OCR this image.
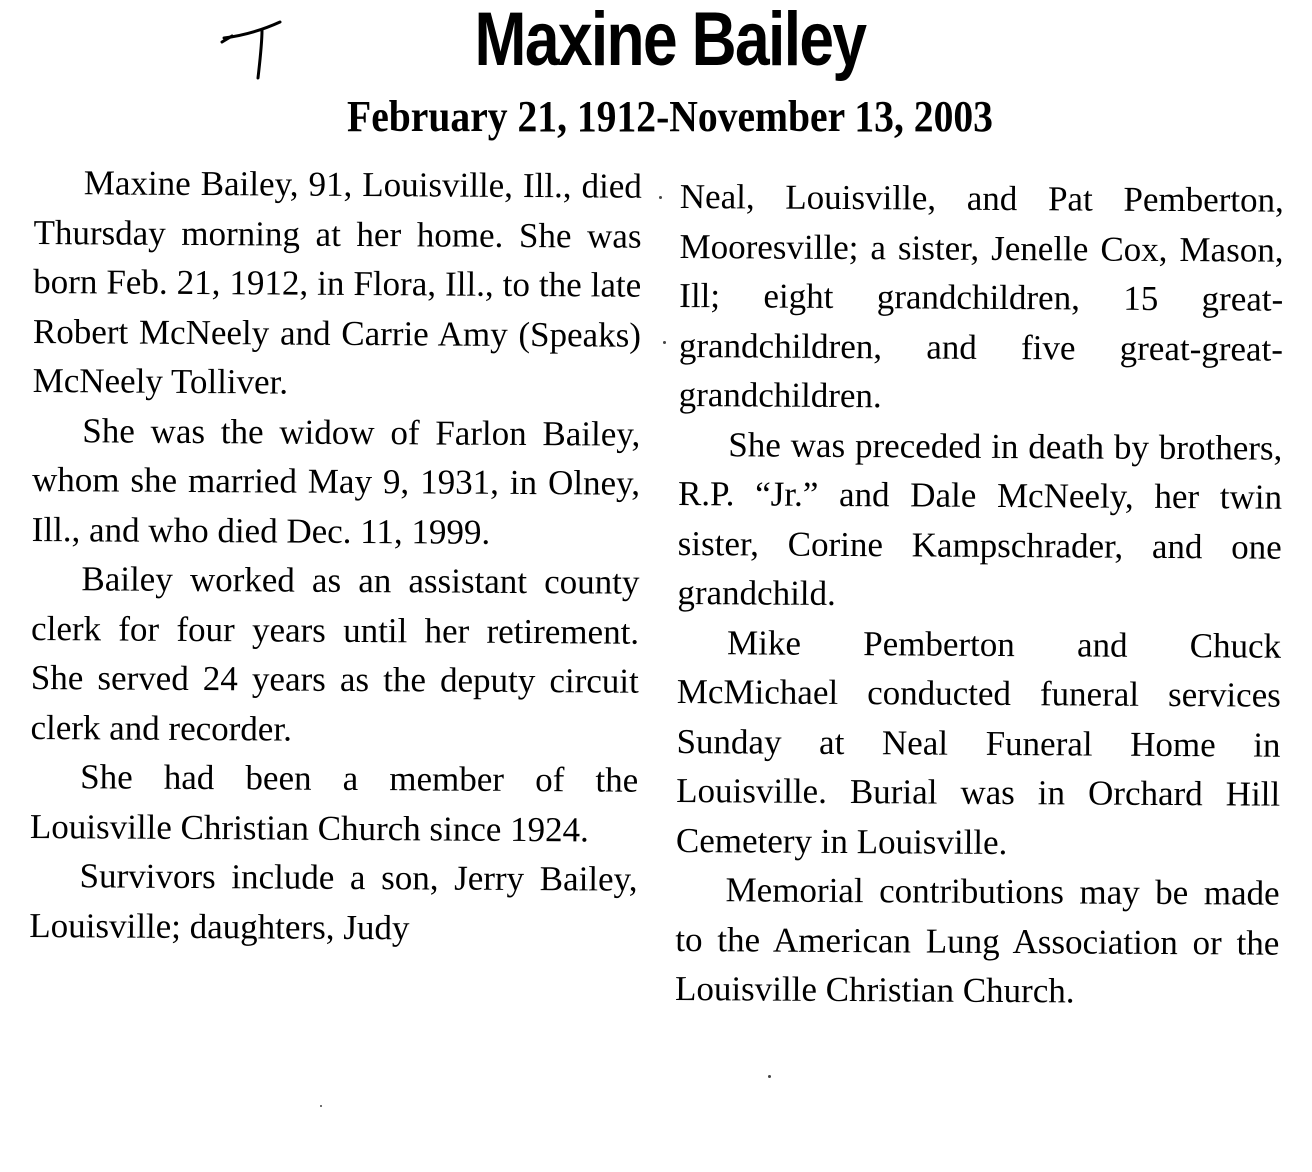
Maxine Bailey
February 21, 1912-November 13, 2003

Maxine Bailey, 91, Louisville, Ill., died Thursday morning at her home. She was born Feb. 21, 1912, in Flora, Ill., to the late Robert McNeely and Carrie Amy (Speaks) McNeely Tolliver.

She was the widow of Farlon Bailey, whom she married May 9, 1931, in Olney, Ill., and who died Dec. 11, 1999.

Bailey worked as an assistant county clerk for four years until her retirement. She served 24 years as the deputy circuit clerk and recorder.

She had been a member of the Louisville Christian Church since 1924.

Survivors include a son, Jerry Bailey, Louisville; daughters, Judy

Neal, Louisville, and Pat Pemberton, Mooresville; a sister, Jenelle Cox, Mason, Ill; eight grandchildren, 15 great-grandchildren, and five great-great-grandchildren.

She was preceded in death by brothers, R.P. “Jr.” and Dale McNeely, her twin sister, Corine Kampschrader, and one grandchild.

Mike Pemberton and Chuck McMichael conducted funeral services Sunday at Neal Funeral Home in Louisville. Burial was in Orchard Hill Cemetery in Louisville.

Memorial contributions may be made to the American Lung Association or the Louisville Christian Church.
